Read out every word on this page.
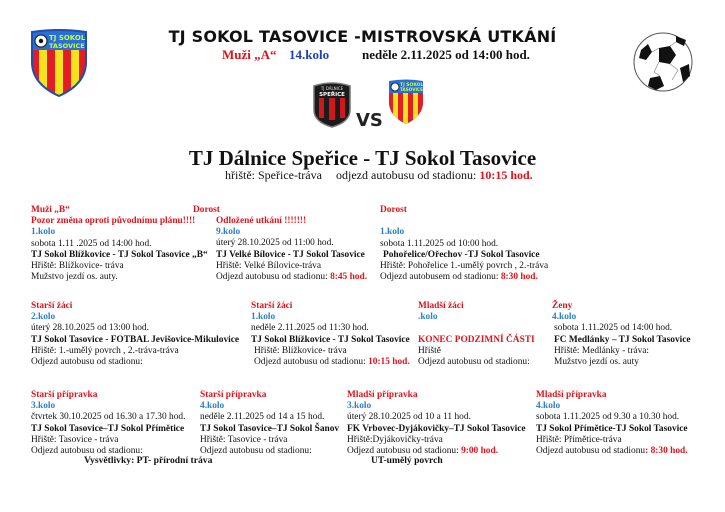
TJ SOKOL
TASOVICE	TJ SOKOL TASOVICE -MISTROVSKÁ UTKÁNÍ
Muži „A“ 14.kolo	neděle 2.11.2025 od 14:00 hod.
TJ DÁLNICE
SPEŘICE
VS
TJ SOKOL
TASOVICE
TJ Dálnice Speřice - TJ Sokol Tasovice
hřiště: Speřice-tráva odjezd autobusu od stadionu: 10:15 hod.
Muži „B“
Pozor změna oproti původnímu plánu!!!!
1.kolo
sobota 1.11 .2025 od 14:00 hod.
TJ Sokol Blížkovice - TJ Sokol Tasovice „B“
Hřiště: Blížkovice- tráva
Mužstvo jezdí os. auty.
Dorost
Odložené utkání !!!!!!!
9.kolo
úterý 28.10.2025 od 11:00 hod.
TJ Velké Bílovice - TJ Sokol Tasovice
Hřiště: Velké Bílovice-tráva
Odjezd autobusu od stadionu: 8:45 hod.
Dorost
1.kolo
sobota 1.11.2025 od 10:00 hod.
Pohořelice/Ořechov -TJ Sokol Tasovice
Hřiště: Pohořelice 1.-umělý povrch , 2.-tráva
Odjezd autobusem od stadionu: 8:30 hod.
Starší žáci
2.kolo
úterý 28.10.2025 od 13:00 hod.
TJ Sokol Tasovice - FOTBAL Jevišovice-Mikulovice
Hřiště: 1.-umělý povrch , 2.-tráva-tráva
Odjezd autobusu od stadionu:
Starší žáci
1.kolo
neděle 2.11.2025 od 11:30 hod.
TJ Sokol Blížkovice - TJ Sokol Tasovice
Hřiště: Blížkovice- tráva
Odjezd autobusu od stadionu: 10:15 hod.
Mladší žáci
.kolo
KONEC PODZIMNÍ ČÁSTI
Hřiště
Odjezd autobusu od stadionu:
Ženy
4.kolo
sobota 1.11.2025 od 14:00 hod.
FC Medlánky – TJ Sokol Tasovice
Hřiště: Medlánky - tráva:
Mužstvo jezdí os. auty
Starší přípravka
3.kolo
čtvrtek 30.10.2025 od 16.30 a 17.30 hod.
TJ Sokol Tasovice–TJ Sokol Přímětice
Hřiště: Tasovice - tráva
Odjezd autobusu od stadionu:
Starší přípravka
4.kolo
neděle 2.11.2025 od 14 a 15 hod.
TJ Sokol Tasovice–TJ Sokol Šanov
Hřiště: Tasovice - tráva
Odjezd autobusu od stadionu:
Mladší přípravka
3.kolo
úterý 28.10.2025 od 10 a 11 hod.
FK Vrbovec-Dyjákovičky–TJ Sokol Tasovice
Hřiště:Dyjákovičky-tráva
Odjezd autobusu od stadionu: 9:00 hod.
Mladší přípravka
4.kolo
sobota 1.11.2025 od 9.30 a 10.30 hod.
TJ Sokol Přímětice-TJ Sokol Tasovice
Hřiště: Přímětice-tráva
Odjezd autobusu od stadionu: 8:30 hod.
Vysvětlivky: PT- přírodní tráva	UT-umělý povrch
